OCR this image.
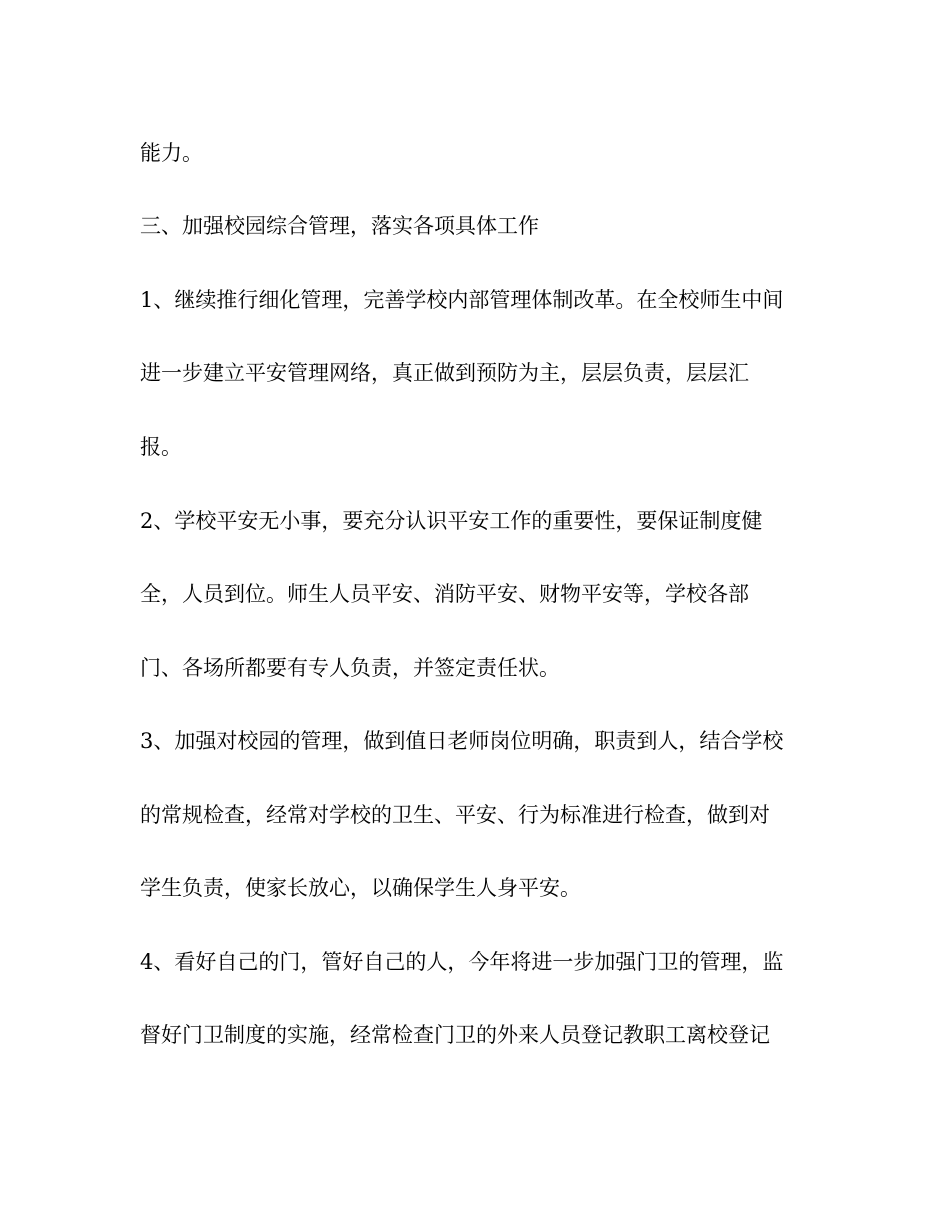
能力。

三、加强校园综合管理，落实各项具体工作

1、继续推行细化管理，完善学校内部管理体制改革。在全校师生中间

进一步建立平安管理网络，真正做到预防为主，层层负责，层层汇

报。

2、学校平安无小事，要充分认识平安工作的重要性，要保证制度健

全，人员到位。师生人员平安、消防平安、财物平安等，学校各部

门、各场所都要有专人负责，并签定责任状。

3、加强对校园的管理，做到值日老师岗位明确，职责到人，结合学校

的常规检查，经常对学校的卫生、平安、行为标准进行检查，做到对

学生负责，使家长放心，以确保学生人身平安。

4、看好自己的门，管好自己的人，今年将进一步加强门卫的管理，监

督好门卫制度的实施，经常检查门卫的外来人员登记教职工离校登记
